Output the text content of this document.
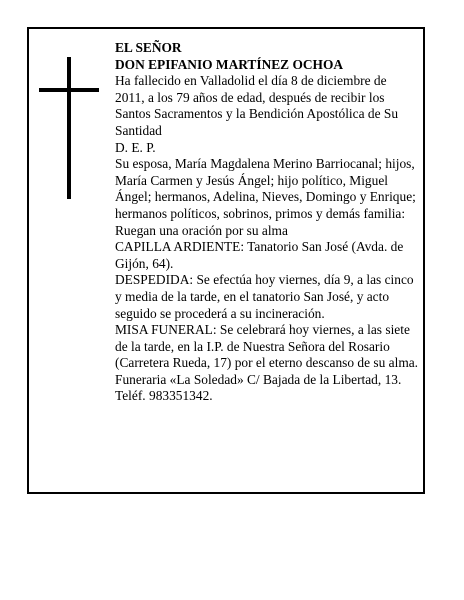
EL SEÑOR

DON EPIFANIO MARTÍNEZ OCHOA

Ha fallecido en Valladolid el día 8 de diciembre de 2011, a los 79 años de edad, después de recibir los Santos Sacramentos y la Bendición Apostólica de Su Santidad

D. E. P.

Su esposa, María Magdalena Merino Barriocanal; hijos, María Carmen y Jesús Ángel; hijo político, Miguel Ángel; hermanos, Adelina, Nieves, Domingo y Enrique; hermanos políticos, sobrinos, primos y demás familia:

Ruegan una oración por su alma

CAPILLA ARDIENTE: Tanatorio San José (Avda. de Gijón, 64).

DESPEDIDA: Se efectúa hoy viernes, día 9, a las cinco y media de la tarde, en el tanatorio San José, y acto seguido se procederá a su incineración.

MISA FUNERAL: Se celebrará hoy viernes, a las siete de la tarde, en la I.P. de Nuestra Señora del Rosario (Carretera Rueda, 17) por el eterno descanso de su alma.

Funeraria «La Soledad» C/ Bajada de la Libertad, 13. Teléf. 983351342.
